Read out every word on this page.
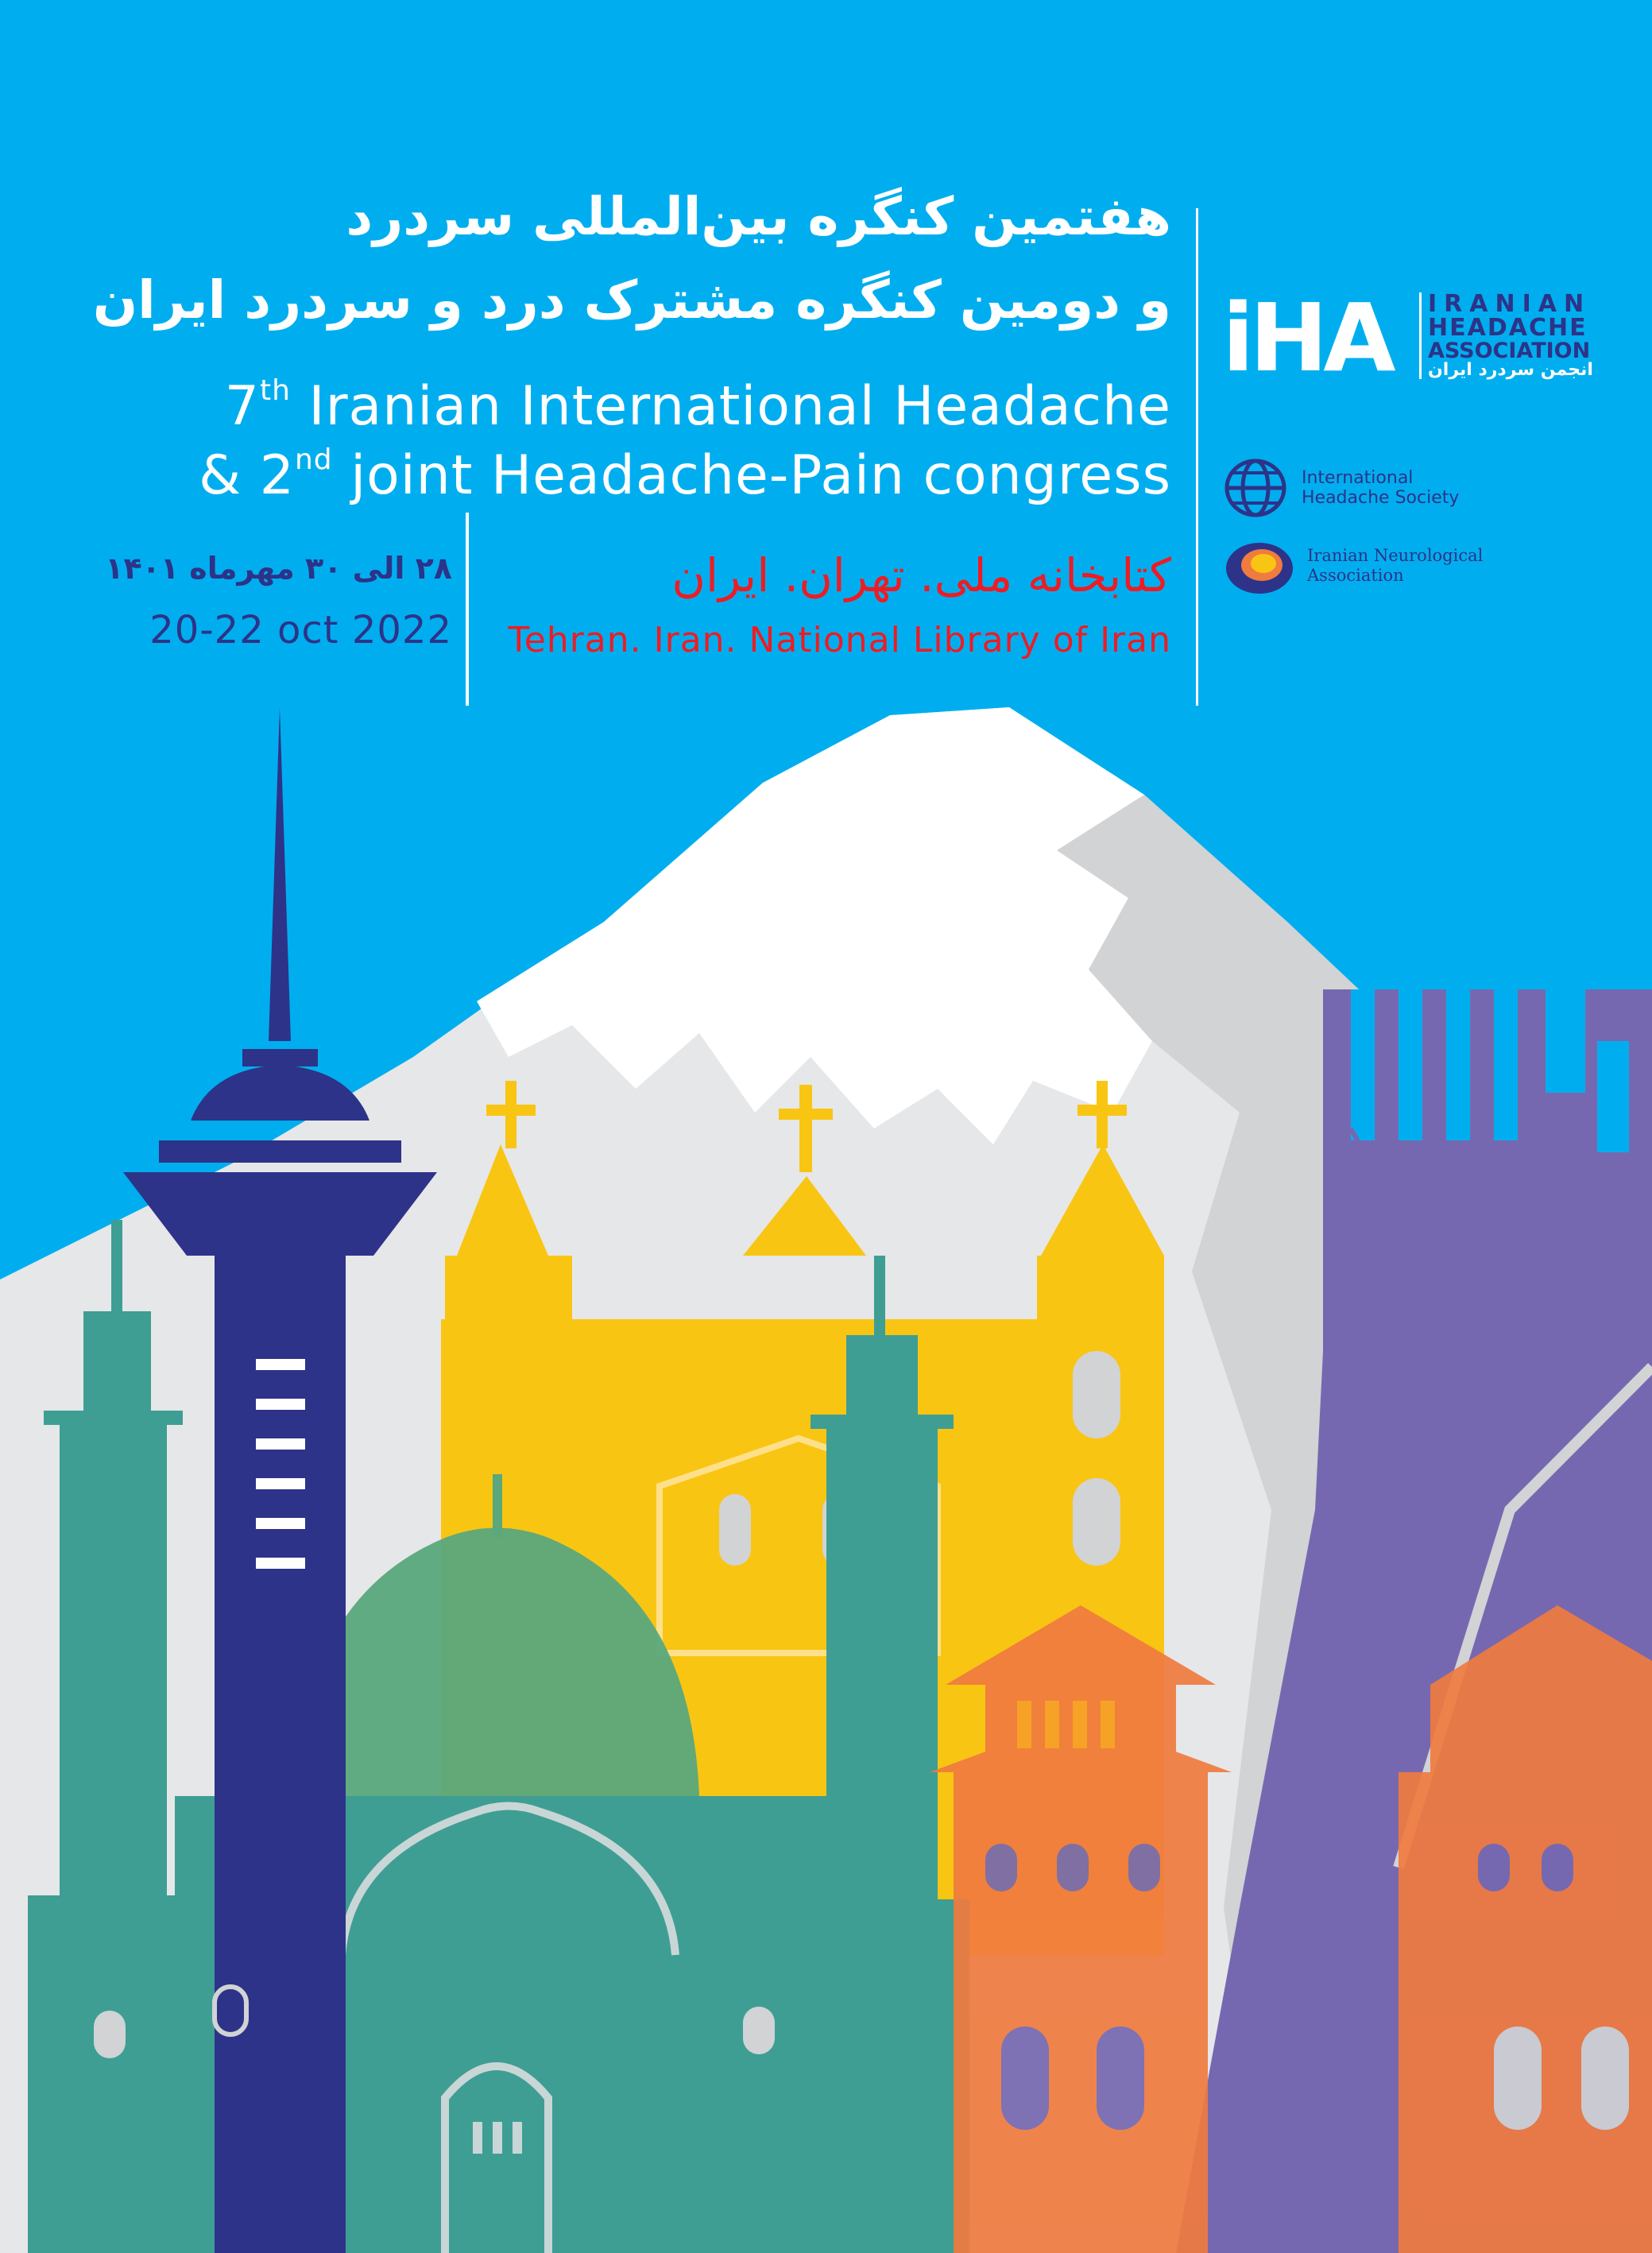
هفتمین کنگره بین‌المللی سردرد
و دومین کنگره مشترک درد و سردرد ایران
7th Iranian International Headache
& 2nd joint Headache-Pain congress
۲۸ الی ۳۰ مهرماه ۱۴۰۱
20-22 oct 2022
کتابخانه ملی. تهران. ایران
Tehran. Iran. National Library of Iran
iHA IRANIAN
HEADACHE
ASSOCIATION
انجمن سردرد ایران
International
Headache Society
Iranian Neurological
Association
